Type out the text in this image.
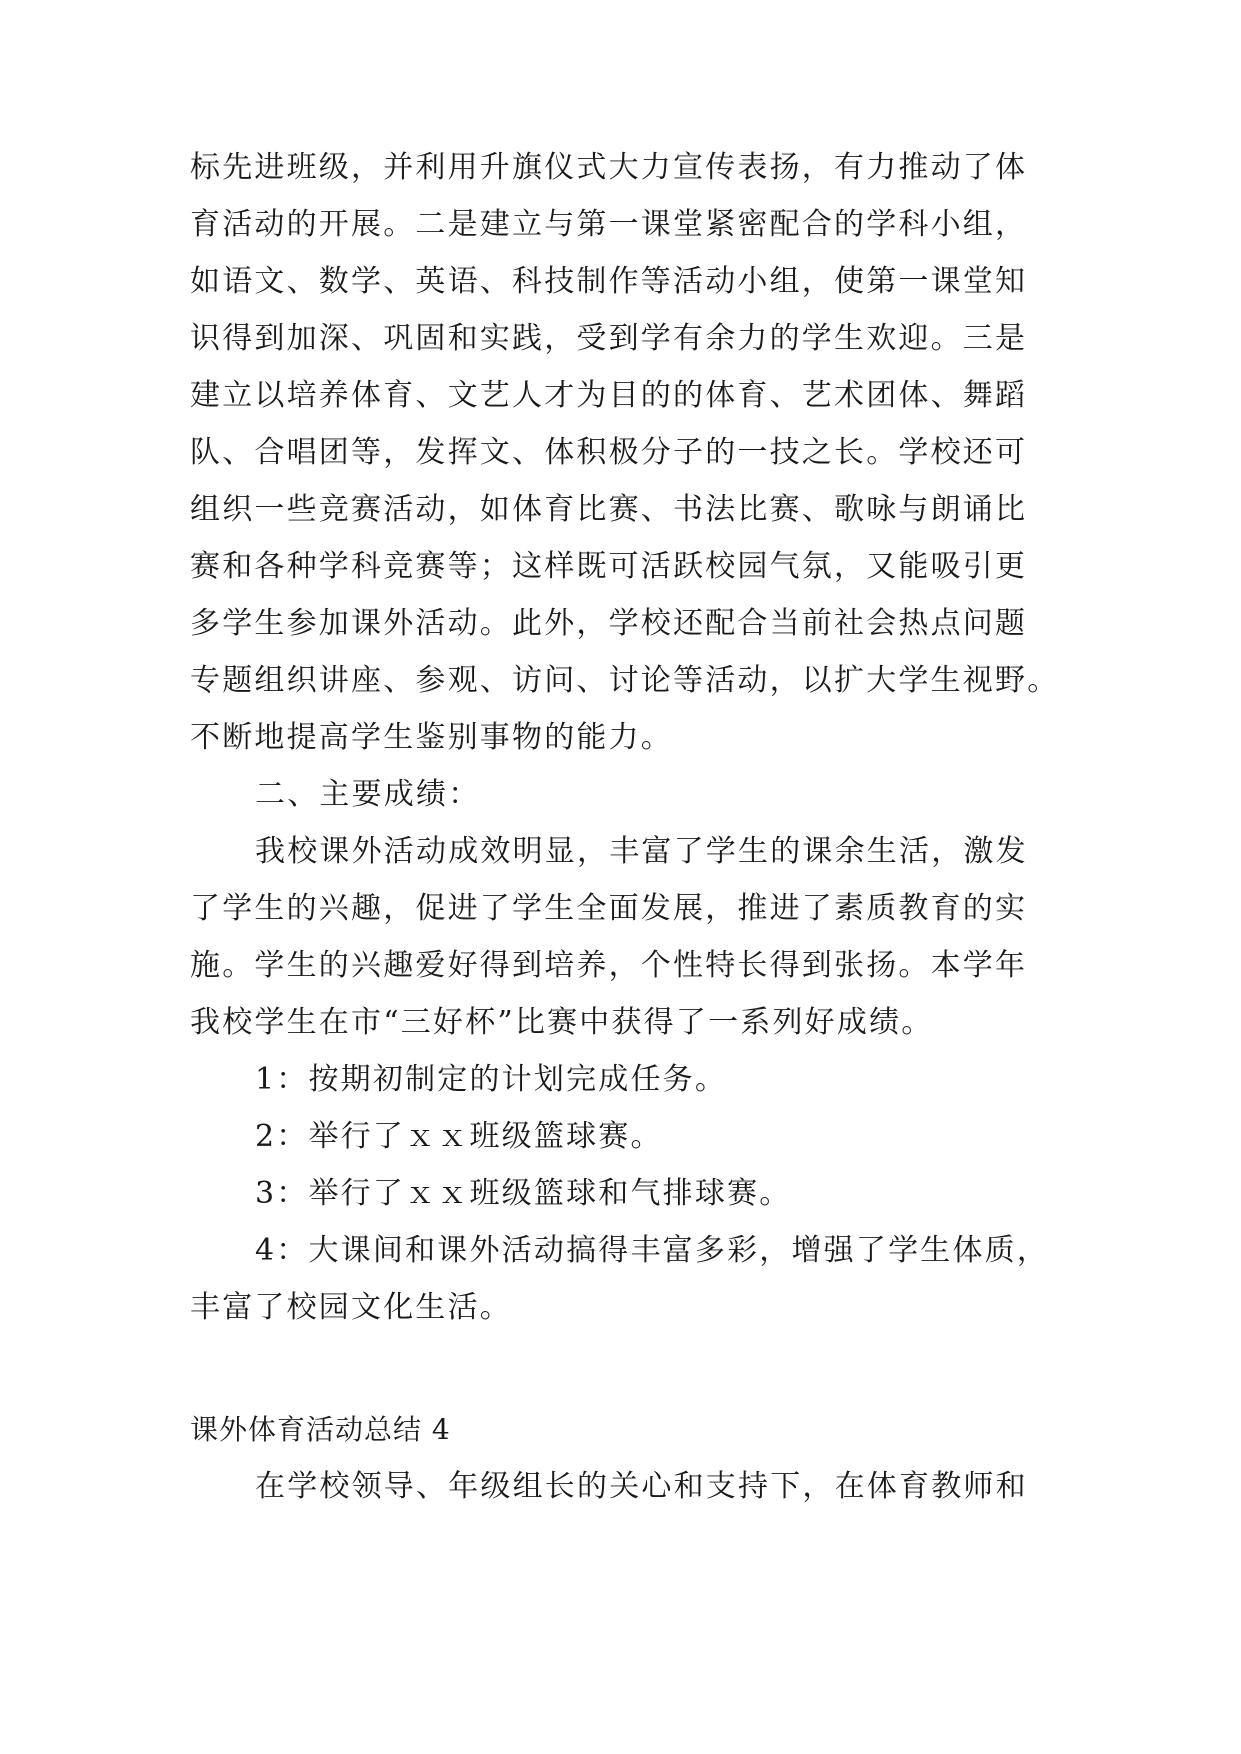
标先进班级，并利用升旗仪式大力宣传表扬，有力推动了体
育活动的开展。二是建立与第一课堂紧密配合的学科小组，
如语文、数学、英语、科技制作等活动小组，使第一课堂知
识得到加深、巩固和实践，受到学有余力的学生欢迎。三是
建立以培养体育、文艺人才为目的的体育、艺术团体、舞蹈
队、合唱团等，发挥文、体积极分子的一技之长。学校还可
组织一些竞赛活动，如体育比赛、书法比赛、歌咏与朗诵比
赛和各种学科竞赛等；这样既可活跃校园气氛，又能吸引更
多学生参加课外活动。此外，学校还配合当前社会热点问题
专题组织讲座、参观、访问、讨论等活动，以扩大学生视野。
不断地提高学生鉴别事物的能力。
二、主要成绩：
我校课外活动成效明显，丰富了学生的课余生活，激发
了学生的兴趣，促进了学生全面发展，推进了素质教育的实
施。学生的兴趣爱好得到培养，个性特长得到张扬。本学年
我校学生在市“三好杯”比赛中获得了一系列好成绩。
1：按期初制定的计划完成任务。
2：举行了ｘｘ班级篮球赛。
3：举行了ｘｘ班级篮球和气排球赛。
4：大课间和课外活动搞得丰富多彩，增强了学生体质，
丰富了校园文化生活。
课外体育活动总结 4
在学校领导、年级组长的关心和支持下，在体育教师和
